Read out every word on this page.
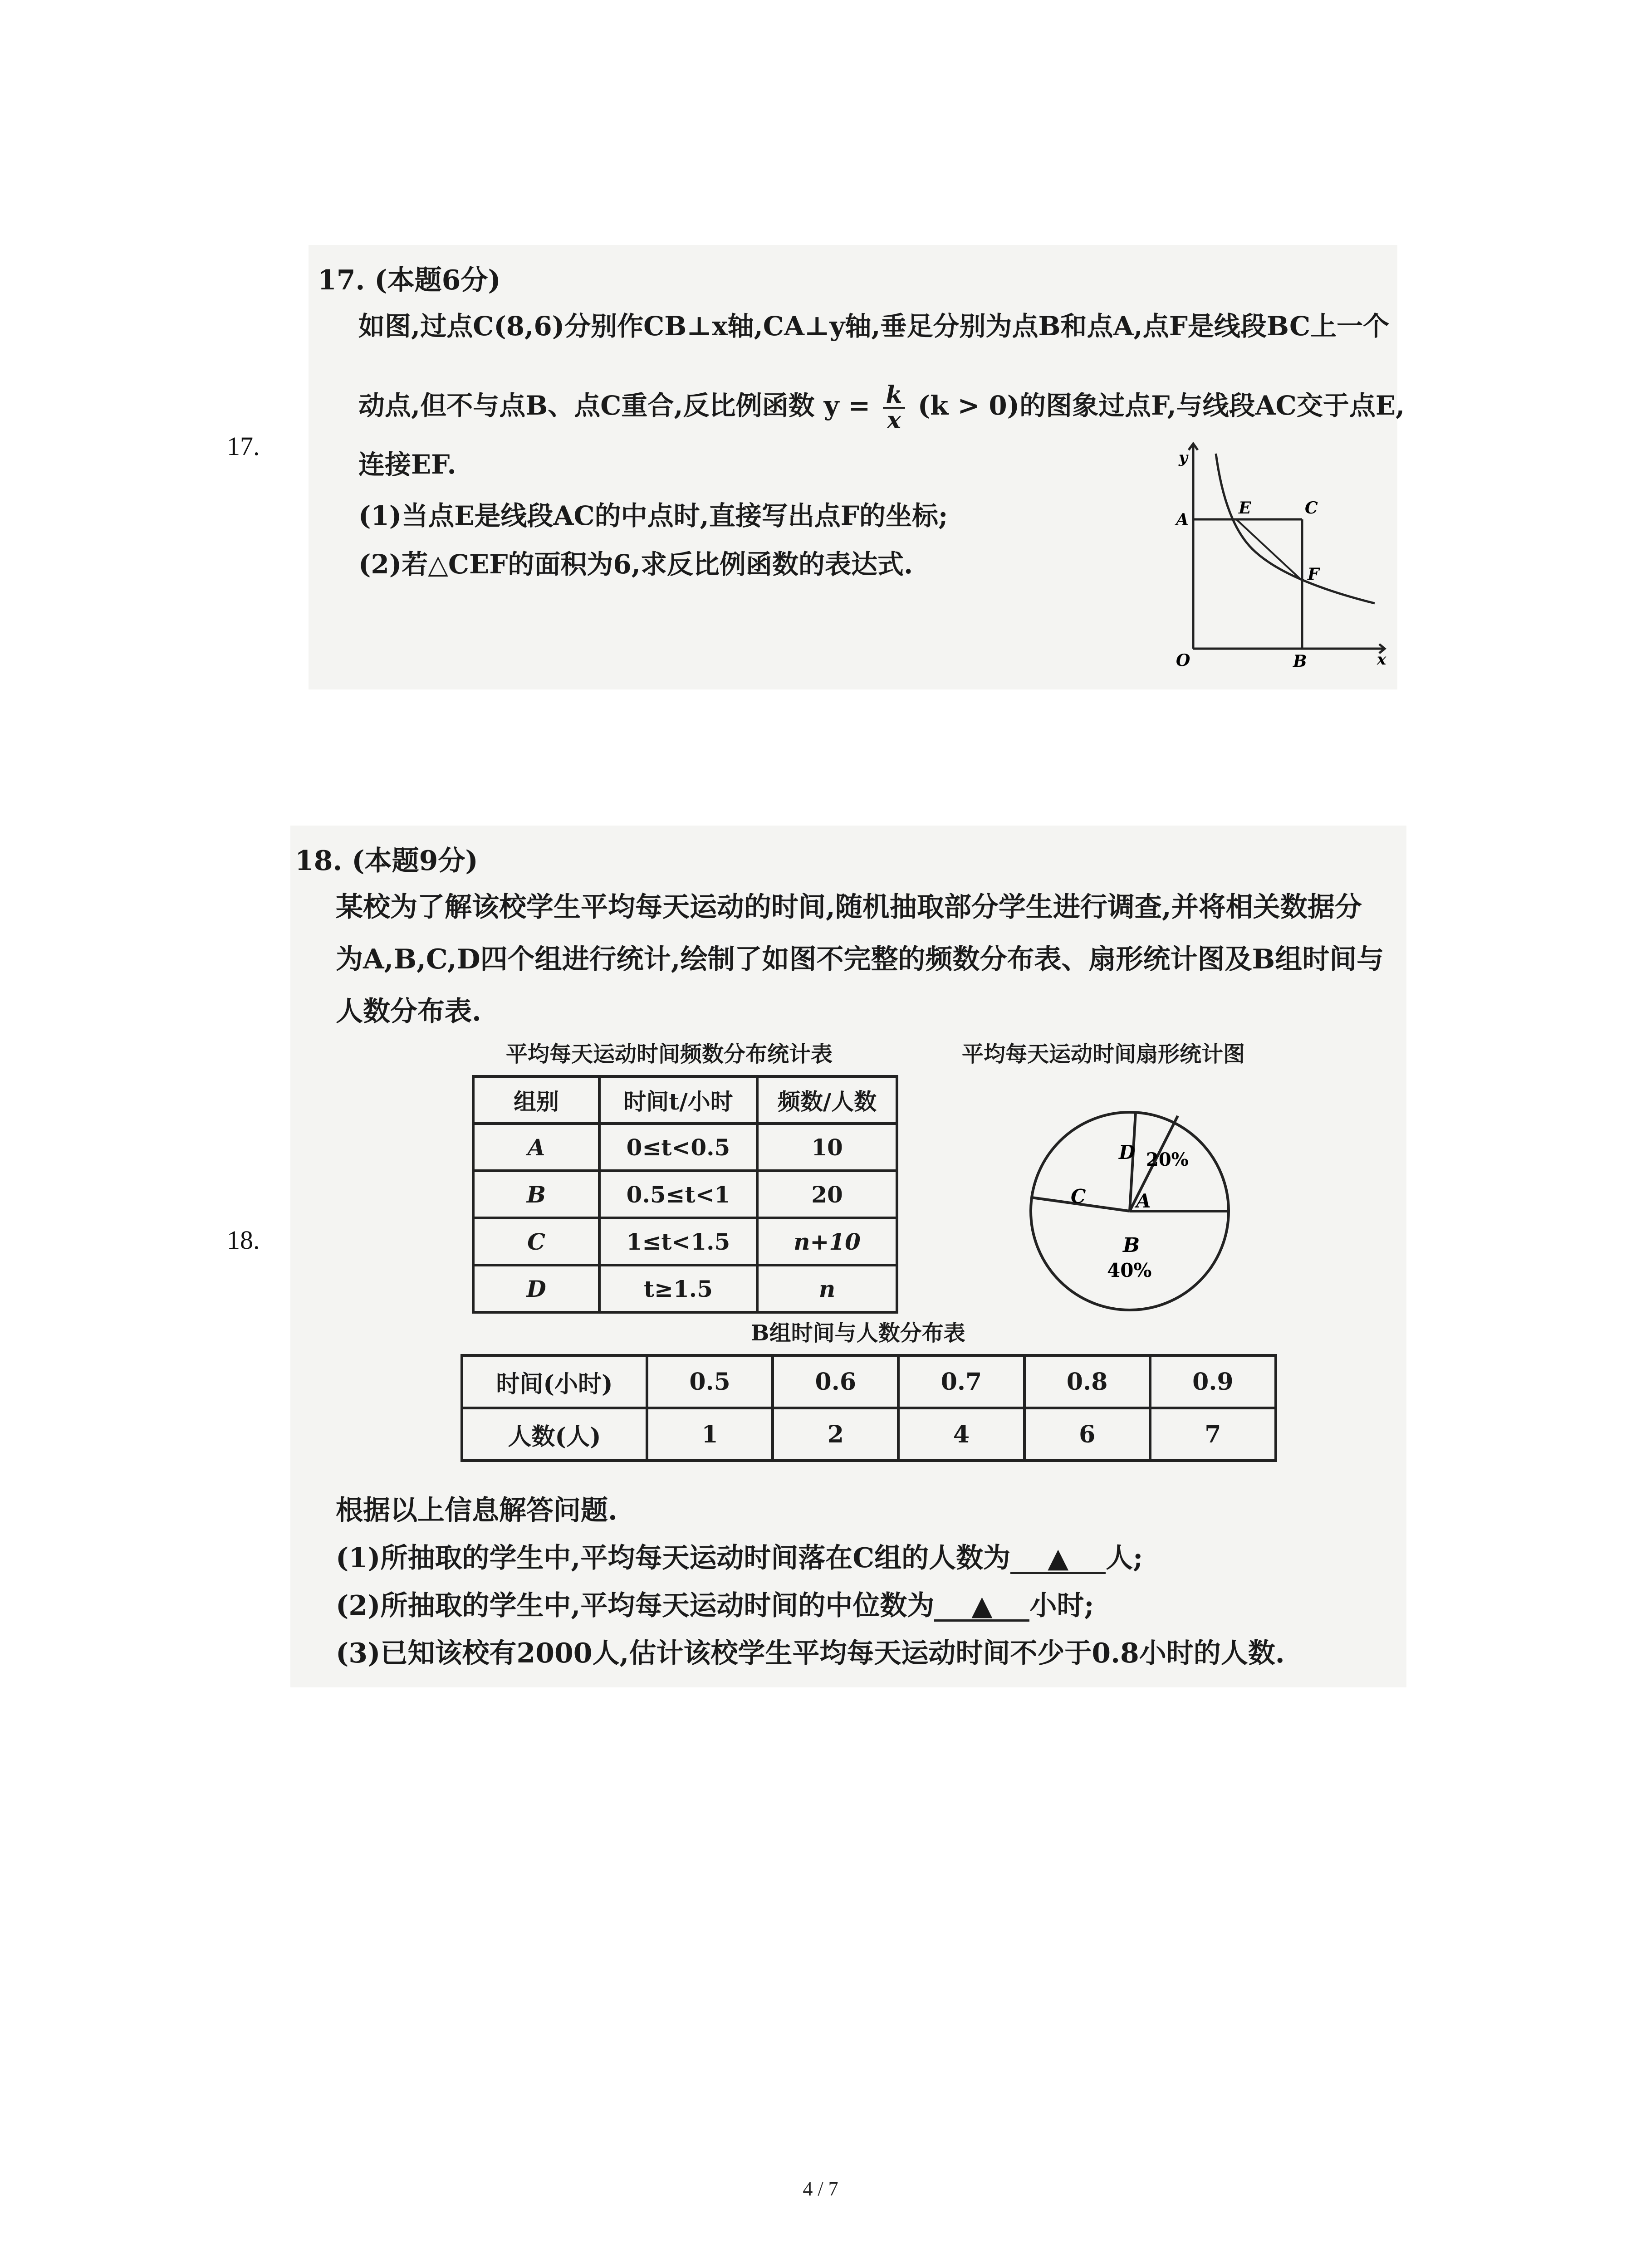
17.
17. (本题6分)
如图,过点C(8,6)分别作CB⊥x轴,CA⊥y轴,垂足分别为点B和点A,点F是线段BC上一个
动点,但不与点B、点C重合,反比例函数 $y = \frac{k}{x} (k > 0)$的图象过点F,与线段AC交于点E,
连接EF.
(1)当点E是线段AC的中点时,直接写出点F的坐标;
(2)若△CEF的面积为6,求反比例函数的表达式.
y
x
O
A
B
C
E
F
18.
18. (本题9分)
某校为了解该校学生平均每天运动的时间,随机抽取部分学生进行调查,并将相关数据分
为A,B,C,D四个组进行统计,绘制了如图不完整的频数分布表、扇形统计图及B组时间与
人数分布表.
平均每天运动时间频数分布统计表
组别	时间t/小时	频数/人数
A	0≤t<0.5	10
B	0.5≤t<1	20
C	1≤t<1.5	n+10
D	t≥1.5	n
平均每天运动时间扇形统计图
D 20%
A
C
B
40%
B组时间与人数分布表
时间(小时)	0.5	0.6	0.7	0.8	0.9
人数(人)	1	2	4	6	7
根据以上信息解答问题.
(1)所抽取的学生中,平均每天运动时间落在C组的人数为 ▲ 人;
(2)所抽取的学生中,平均每天运动时间的中位数为 ▲ 小时;
(3)已知该校有2000人,估计该校学生平均每天运动时间不少于0.8小时的人数.
4 / 7
